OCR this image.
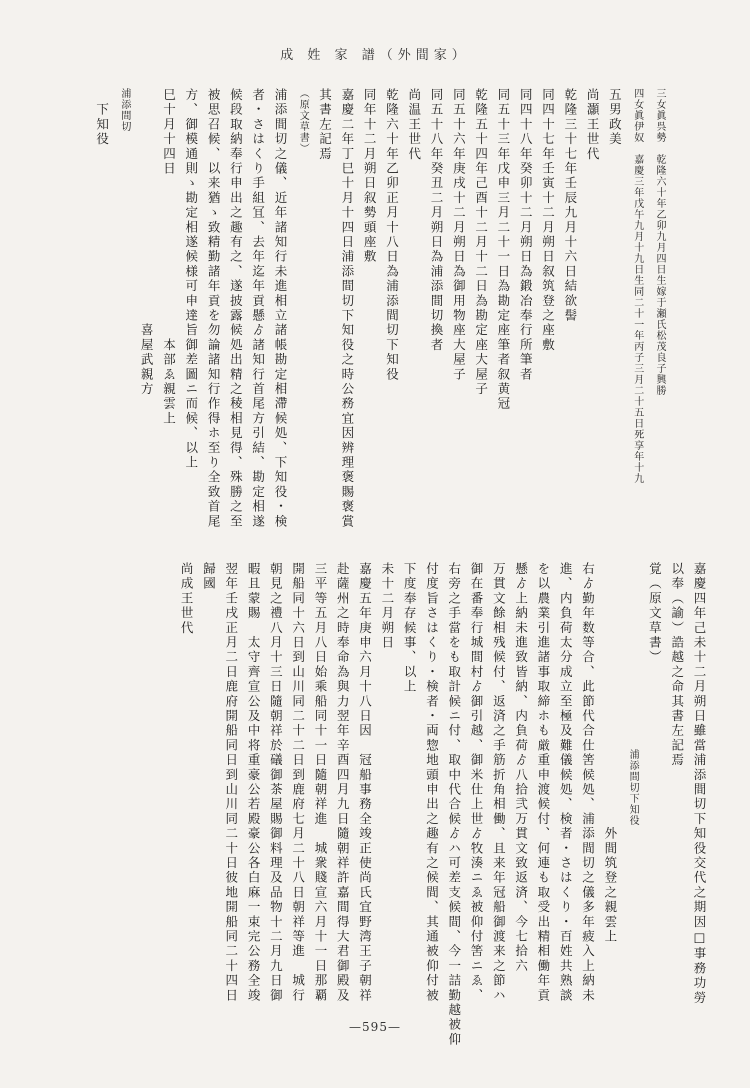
成 姓 家 譜（外間家）
三女眞呉勢　乾隆六十年乙卯九月四日生嫁于瀬氏松茂良子興勝
四女眞伊奴　嘉慶三年戊午九月十九日生同二十一年丙子三月二十五日死享年十九
五男政美
尚灝王世代
乾隆三十七年壬辰九月十六日結欲髻
同四十七年壬寅十二月朔日叙筑登之座敷
同四十八年癸卯十二月朔日為鍛冶奉行所筆者
同五十三年戊申三月二十一日為勘定座筆者叙黄冠
乾隆五十四年己酉十二月十二日為勘定座大屋子
同五十六年庚戌十二月朔日為御用物座大屋子
同五十八年癸丑二月朔日為浦添間切換者
尚温王世代
乾隆六十年乙卯正月十八日為浦添間切下知役
同年十二月朔日叙勢頭座敷
嘉慶二年丁巳十月十四日浦添間切下知役之時公務宜因辨理褒賜褒賞
其書左記焉
（原文草書）
浦添間切之儀、近年諸知行未進相立諸帳勘定相滯候処、下知役・検
者・さはくり手組冝、去年迄年貢懸ゟ諸知行首尾方引結、勘定相遂
候段取納奉行申出之趣有之、遂披露候処出精之稜相見得、殊勝之至
被思召候、以来猶ゝ致精勤諸年貢を勿論諸知行作得ホ至り全致首尾
方、御模通則ゝ勘定相遂候様可申達旨御差圖ニ而候、以上
巳十月十四日　　　　　　　　　　　本部ゑ親雲上
　　　　　　　　　　　　　　　　喜屋武親方
浦添間切
　下知役
嘉慶四年己未十二月朔日雖當浦添間切下知役交代之期因□事務功勞
以奉（諭）誥越之命其書左記焉
覚（原文草書）
　　　　　　　　　　　　　　　　　浦添間切下知役
　　　　　　　　　　　　　　　　　　外間筑登之親雲上
右ゟ勤年数等合、此節代合仕筈候処、浦添間切之儀多年疲入上納未
進、内負荷太分成立至極及難儀候処、検者・さはくり・百姓共熟談
を以農業引進諸事取締ホも厳重申渡候付、何連も取受出精相働年貢
懸ゟ上納未進致皆納、内負荷ゟ八拾弐万貫文致返済、今七拾六
万貫文餘相残候付、返済之手筋折角相働、且来年冠船御渡来之節ハ
御在番奉行城間村ゟ御引越、御米仕上世ゟ牧湊ニゑ被仰付筈ニゑ、
右旁之手當をも取計候ニ付、取中代合候ゟハ可差支候間、今一詰勤越被仰
付度旨さはくり・検者・両惣地頭申出之趣有之候間、其通被仰付被
下度奉存候事、以上
未十二月朔日
嘉慶五年庚申六月十八日因　冠船事務全竣正使尚氏宜野湾王子朝祥
赴薩州之時奉命為與力翌年辛酉四月九日隨朝祥許嘉間得大君御殿及
三平等五月八日始乘船同十一日隨朝祥進　城衆賤宣六月十一日那覇
開船同十六日到山川同二十二日到鹿府七月二十八日朝祥等進　城行
朝見之禮八月十三日隨朝祥於礒御茶屋賜御料理及品物十二月九日御
暇且蒙賜　太守齊宣公及中将重豪公若殿豪公各白麻一束完公務全竣
翌年壬戌正月二日鹿府開船同日到山川同二十日彼地開船同二十四日
歸國
尚成王世代
—595—
